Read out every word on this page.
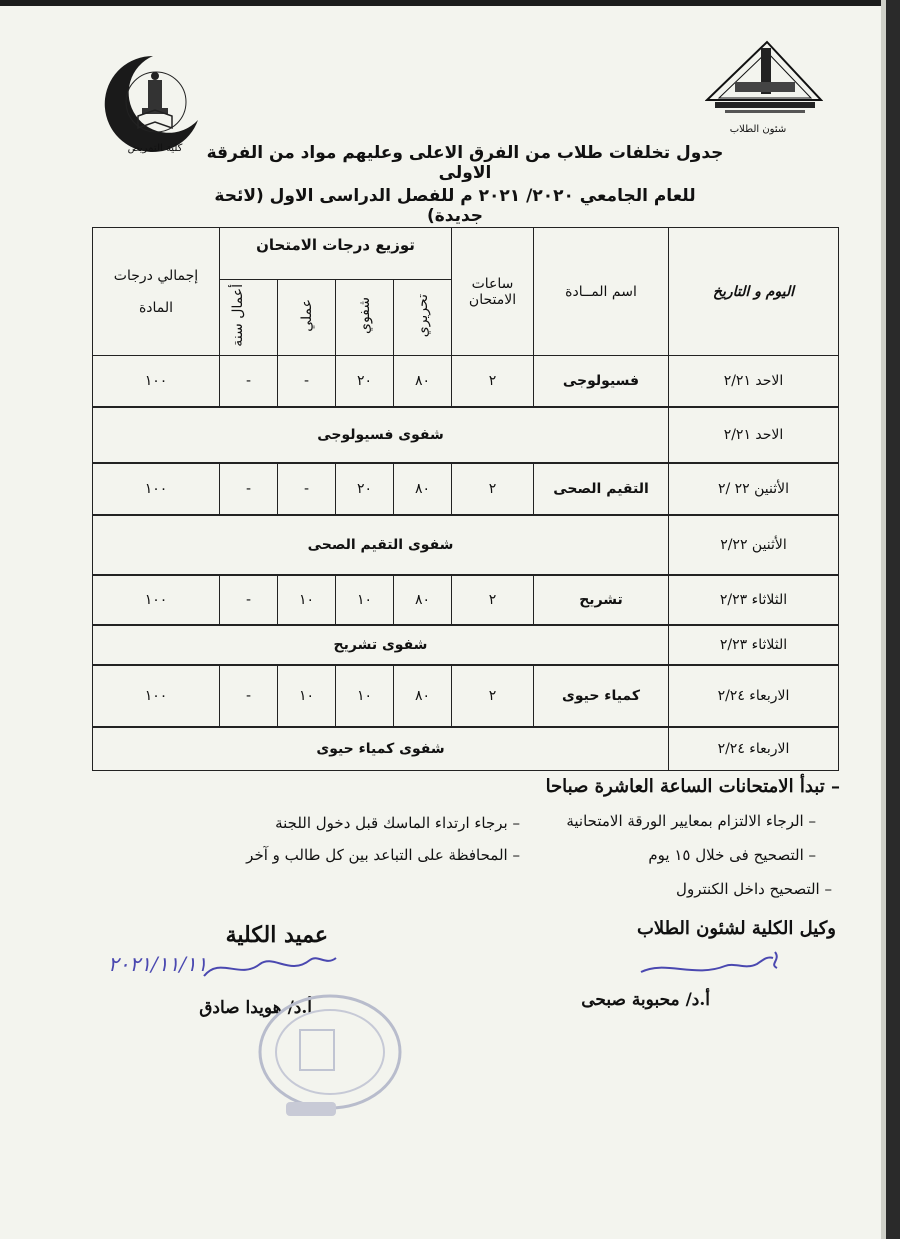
كلية التمريض
شئون الطلاب
جدول تخلفات طلاب من الفرق الاعلى وعليهم مواد من الفرقة الاولى
للعام الجامعي ٢٠٢٠/ ٢٠٢١ م للفصل الدراسى الاول (لائحة جديدة)
اليوم و التاريخ	اسم المــادة	ساعات الامتحان	توزيع درجات الامتحان				إجمالي درجات المادة

			تحريري	شفوي	عملي	أعمال سنة	
الاحد ٢/٢١	فسيولوجى	٢	٨٠	٢٠	-	-	١٠٠
الاحد ٢/٢١	شفوى فسيولوجى
الأثنين ٢٢ /٢	التقيم الصحى	٢	٨٠	٢٠	-	-	١٠٠
الأثنين ٢/٢٢	شفوى التقيم الصحى
الثلاثاء ٢/٢٣	تشريح	٢	٨٠	١٠	١٠	-	١٠٠
الثلاثاء ٢/٢٣	شفوى تشريح
الاربعاء ٢/٢٤	كمياء حيوى	٢	٨٠	١٠	١٠	-	١٠٠
الاربعاء ٢/٢٤	شفوى كمياء حيوى
– تبدأ الامتحانات الساعة العاشرة صباحا
– الرجاء الالتزام بمعايير الورقة الامتحانية
– برجاء ارتداء الماسك قبل دخول اللجنة
– التصحيح فى خلال ١٥ يوم
– المحافظة على التباعد بين كل طالب و آخر
– التصحيح داخل الكنترول
وكيل الكلية لشئون الطلاب
أ.د/ محبوبة صبحى
عميد الكلية
٢٠٢١/١١/١١
أ.د/ هويدا صادق
